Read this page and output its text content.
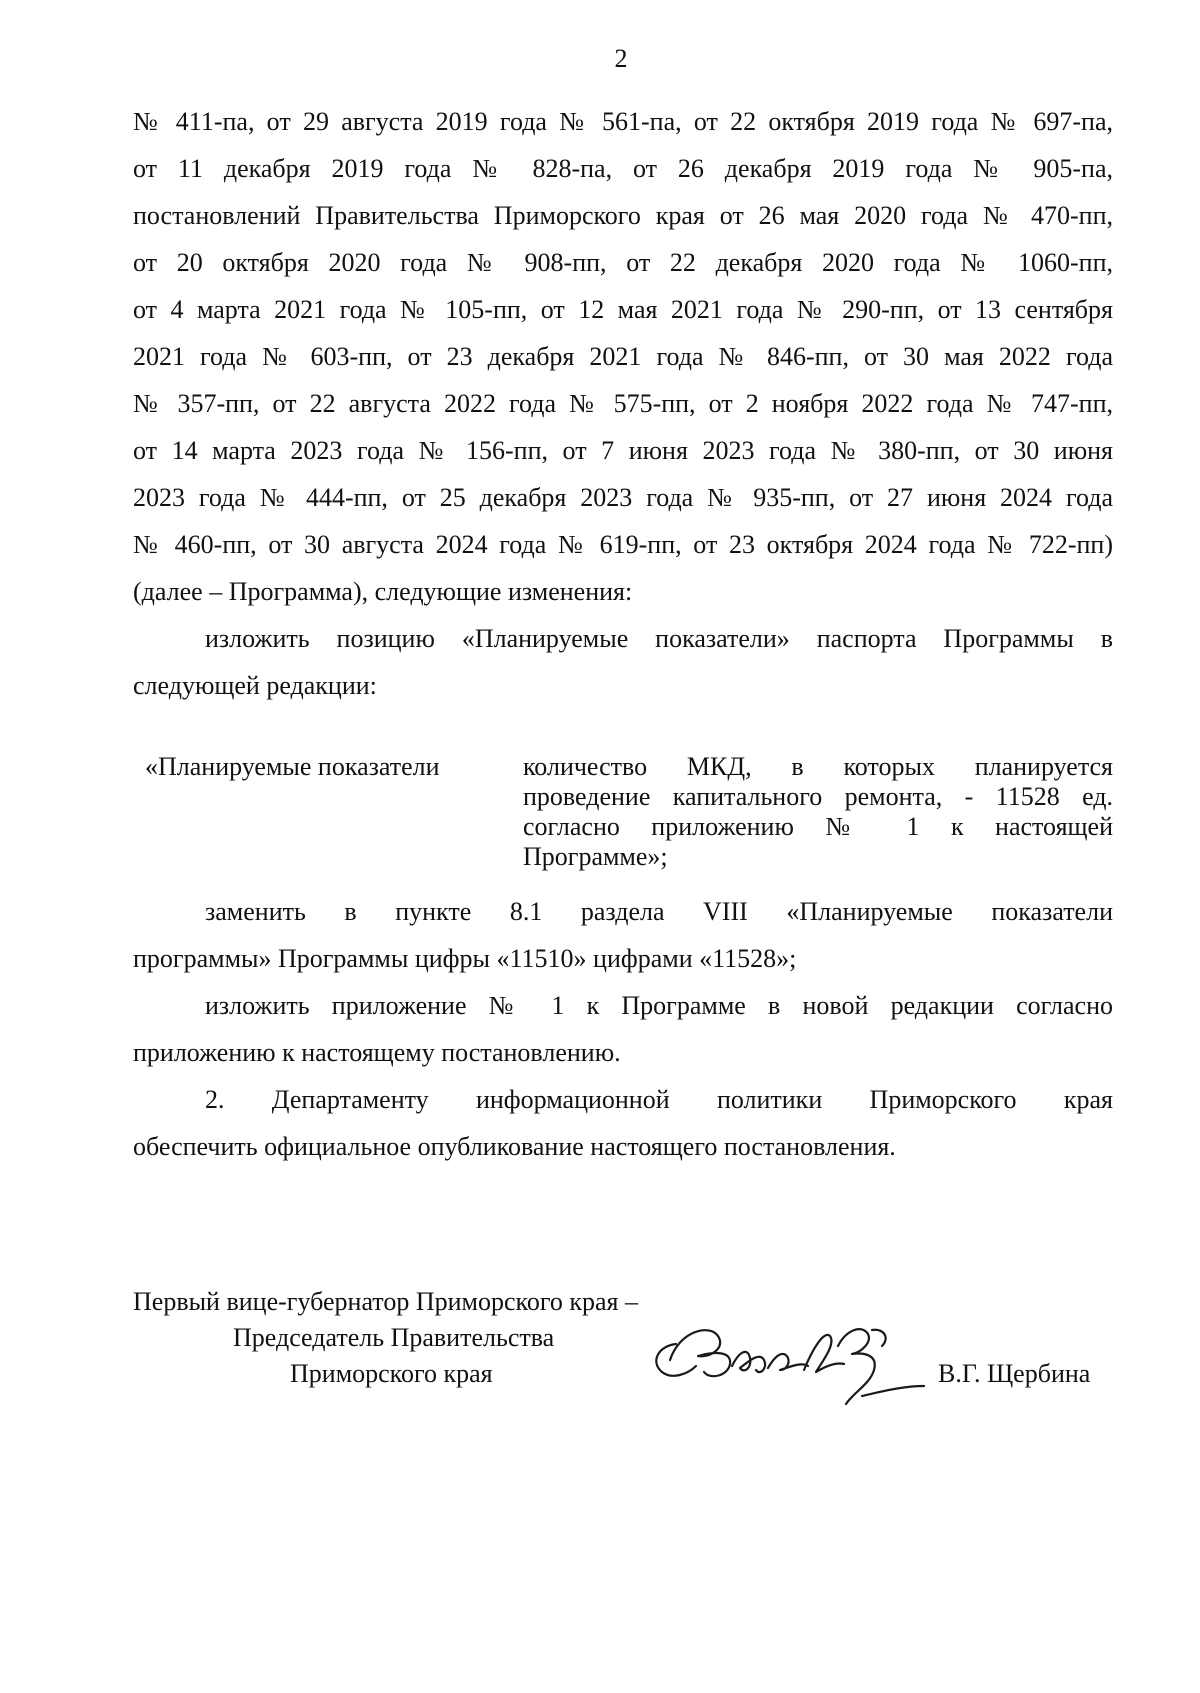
2

№ 411-па, от 29 августа 2019 года № 561-па, от 22 октября 2019 года № 697-па,

от 11 декабря 2019 года № 828-па, от 26 декабря 2019 года № 905-па,

постановлений Правительства Приморского края от 26 мая 2020 года № 470-пп,

от 20 октября 2020 года № 908-пп, от 22 декабря 2020 года № 1060-пп,

от 4 марта 2021 года № 105-пп, от 12 мая 2021 года № 290-пп, от 13 сентября

2021 года № 603-пп, от 23 декабря 2021 года № 846-пп, от 30 мая 2022 года

№ 357-пп, от 22 августа 2022 года № 575-пп, от 2 ноября 2022 года № 747-пп,

от 14 марта 2023 года № 156-пп, от 7 июня 2023 года № 380-пп, от 30 июня

2023 года № 444-пп, от 25 декабря 2023 года № 935-пп, от 27 июня 2024 года

№ 460-пп, от 30 августа 2024 года № 619-пп, от 23 октября 2024 года № 722-пп)

(далее – Программа), следующие изменения:

изложить позицию «Планируемые показатели» паспорта Программы в

следующей редакции:

«Планируемые показатели	количество МКД, в которых планируется

проведение капитального ремонта, - 11528 ед.

согласно приложению № 1 к настоящей

Программе»;

заменить в пункте 8.1 раздела VIII «Планируемые показатели

программы» Программы цифры «11510» цифрами «11528»;

изложить приложение № 1 к Программе в новой редакции согласно

приложению к настоящему постановлению.

2. Департаменту информационной политики Приморского края

обеспечить официальное опубликование настоящего постановления.

Первый вице-губернатор Приморского края –
Председатель Правительства
Приморского края	В.Г. Щербина
